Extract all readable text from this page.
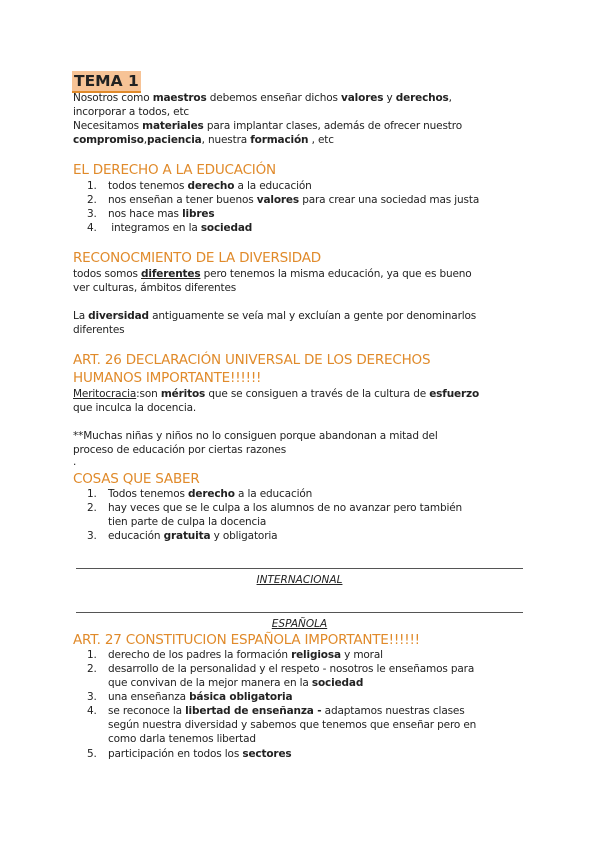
TEMA 1
Nosotros como maestros debemos enseñar dichos valores y derechos,
incorporar a todos, etc
Necesitamos materiales para implantar clases, además de ofrecer nuestro
compromiso,paciencia, nuestra formación , etc
EL DERECHO A LA EDUCACIÓN
1. todos tenemos derecho a la educación
2. nos enseñan a tener buenos valores para crear una sociedad mas justa
3. nos hace mas libres
4. integramos en la sociedad
RECONOCMIENTO DE LA DIVERSIDAD
todos somos diferentes pero tenemos la misma educación, ya que es bueno
ver culturas, ámbitos diferentes
La diversidad antiguamente se veía mal y excluían a gente por denominarlos
diferentes
ART. 26 DECLARACIÓN UNIVERSAL DE LOS DERECHOS
HUMANOS IMPORTANTE!!!!!!
Meritocracia:son méritos que se consiguen a través de la cultura de esfuerzo
que inculca la docencia.
**Muchas niñas y niños no lo consiguen porque abandonan a mitad del
proceso de educación por ciertas razones
.
COSAS QUE SABER
1. Todos tenemos derecho a la educación
2. hay veces que se le culpa a los alumnos de no avanzar pero también
tien parte de culpa la docencia
3. educación gratuita y obligatoria
INTERNACIONAL
ESPAÑOLA
ART. 27 CONSTITUCION ESPAÑOLA IMPORTANTE!!!!!!
1. derecho de los padres la formación religiosa y moral
2. desarrollo de la personalidad y el respeto - nosotros le enseñamos para
que convivan de la mejor manera en la sociedad
3. una enseñanza básica obligatoria
4. se reconoce la libertad de enseñanza - adaptamos nuestras clases
según nuestra diversidad y sabemos que tenemos que enseñar pero en
como darla tenemos libertad
5. participación en todos los sectores
